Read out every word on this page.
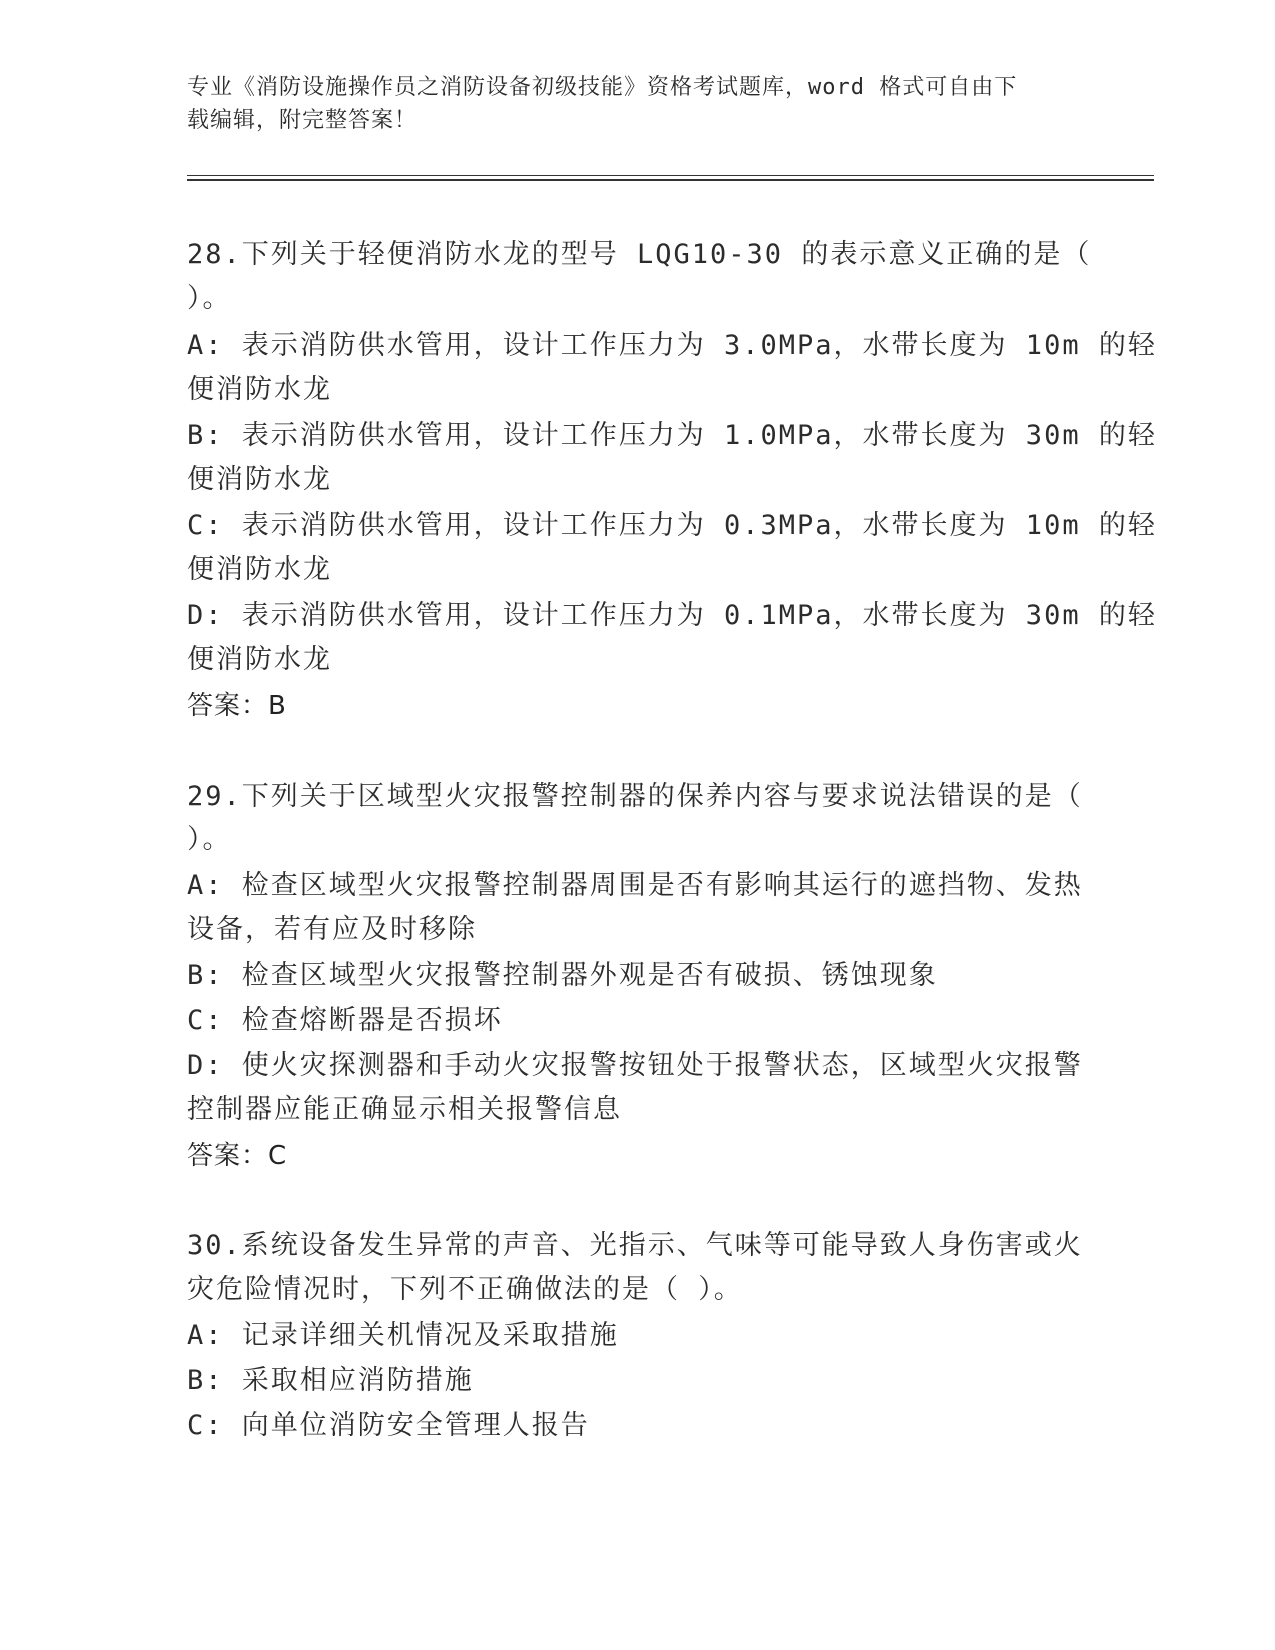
专业《消防设施操作员之消防设备初级技能》资格考试题库，word 格式可自由下
载编辑，附完整答案！
28.下列关于轻便消防水龙的型号 LQG10-30 的表示意义正确的是（
）。
A: 表示消防供水管用，设计工作压力为 3.0MPa，水带长度为 10m 的轻
便消防水龙
B: 表示消防供水管用，设计工作压力为 1.0MPa，水带长度为 30m 的轻
便消防水龙
C: 表示消防供水管用，设计工作压力为 0.3MPa，水带长度为 10m 的轻
便消防水龙
D: 表示消防供水管用，设计工作压力为 0.1MPa，水带长度为 30m 的轻
便消防水龙
答案：B
29.下列关于区域型火灾报警控制器的保养内容与要求说法错误的是（
）。
A: 检查区域型火灾报警控制器周围是否有影响其运行的遮挡物、发热
设备，若有应及时移除
B: 检查区域型火灾报警控制器外观是否有破损、锈蚀现象
C: 检查熔断器是否损坏
D: 使火灾探测器和手动火灾报警按钮处于报警状态，区域型火灾报警
控制器应能正确显示相关报警信息
答案：C
30.系统设备发生异常的声音、光指示、气味等可能导致人身伤害或火
灾危险情况时，下列不正确做法的是（ ）。
A: 记录详细关机情况及采取措施
B: 采取相应消防措施
C: 向单位消防安全管理人报告
